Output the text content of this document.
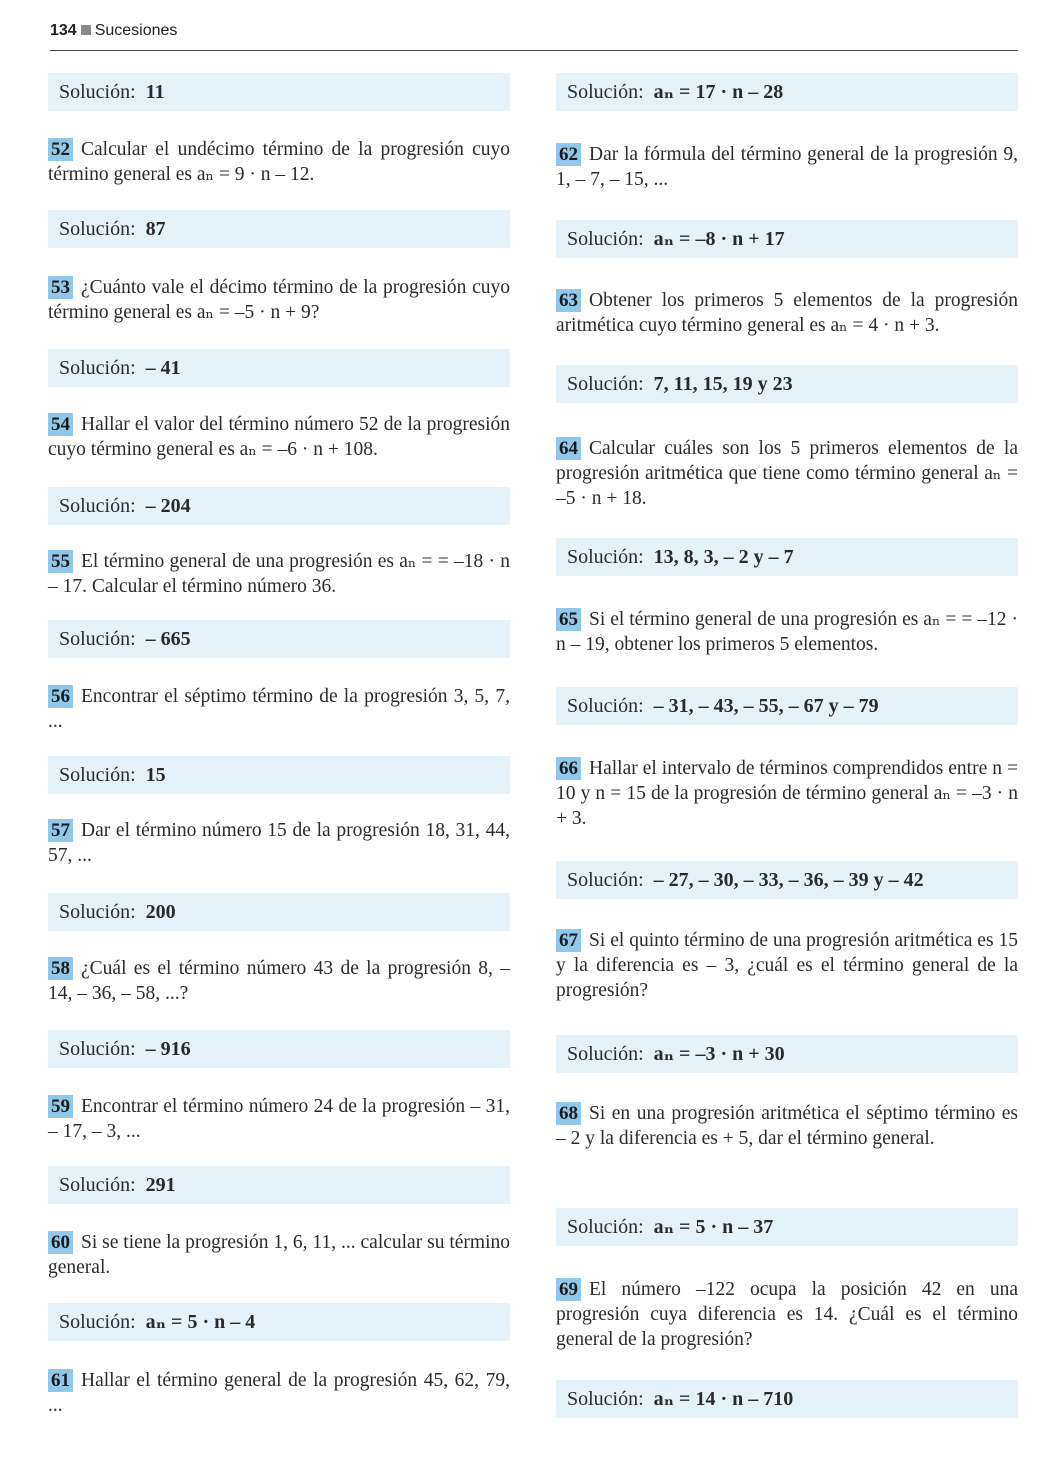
134 Sucesiones
Solución: 11
52 Calcular el undécimo término de la progresión cuyo término general es aₙ = 9 · n – 12.
Solución: 87
53 ¿Cuánto vale el décimo término de la progresión cuyo término general es aₙ = –5 · n + 9?
Solución: – 41
54 Hallar el valor del término número 52 de la progresión cuyo término general es aₙ = –6 · n + 108.
Solución: – 204
55 El término general de una progresión es aₙ = = –18 · n – 17. Calcular el término número 36.
Solución: – 665
56 Encontrar el séptimo término de la progresión 3, 5, 7, ...
Solución: 15
57 Dar el término número 15 de la progresión 18, 31, 44, 57, ...
Solución: 200
58 ¿Cuál es el término número 43 de la progresión 8, – 14, – 36, – 58, ...?
Solución: – 916
59 Encontrar el término número 24 de la progresión – 31, – 17, – 3, ...
Solución: 291
60 Si se tiene la progresión 1, 6, 11, ... calcular su término general.
Solución: aₙ = 5 · n – 4
61 Hallar el término general de la progresión 45, 62, 79, ...
Solución: aₙ = 17 · n – 28
62 Dar la fórmula del término general de la progresión 9, 1, – 7, – 15, ...
Solución: aₙ = –8 · n + 17
63 Obtener los primeros 5 elementos de la progresión aritmética cuyo término general es aₙ = 4 · n + 3.
Solución: 7, 11, 15, 19 y 23
64 Calcular cuáles son los 5 primeros elementos de la progresión aritmética que tiene como término general aₙ = –5 · n + 18.
Solución: 13, 8, 3, – 2 y – 7
65 Si el término general de una progresión es aₙ = = –12 · n – 19, obtener los primeros 5 elementos.
Solución: – 31, – 43, – 55, – 67 y – 79
66 Hallar el intervalo de términos comprendidos entre n = 10 y n = 15 de la progresión de término general aₙ = –3 · n + 3.
Solución: – 27, – 30, – 33, – 36, – 39 y – 42
67 Si el quinto término de una progresión aritmética es 15 y la diferencia es – 3, ¿cuál es el término general de la progresión?
Solución: aₙ = –3 · n + 30
68 Si en una progresión aritmética el séptimo término es – 2 y la diferencia es + 5, dar el término general.
Solución: aₙ = 5 · n – 37
69 El número –122 ocupa la posición 42 en una progresión cuya diferencia es 14. ¿Cuál es el término general de la progresión?
Solución: aₙ = 14 · n – 710
